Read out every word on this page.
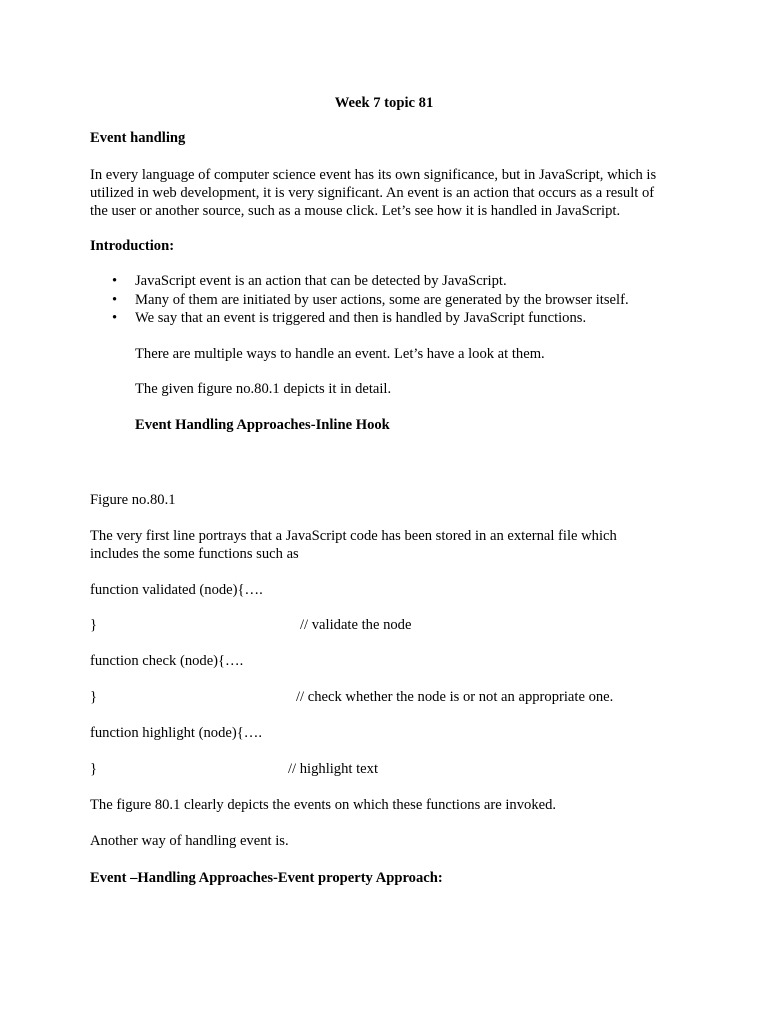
Week 7 topic 81

Event handling

In every language of computer science event has its own significance, but in JavaScript, which is

utilized in web development, it is very significant. An event is an action that occurs as a result of

the user or another source, such as a mouse click. Let’s see how it is handled in JavaScript.

Introduction:

• JavaScript event is an action that can be detected by JavaScript.
• Many of them are initiated by user actions, some are generated by the browser itself.
• We say that an event is triggered and then is handled by JavaScript functions.

There are multiple ways to handle an event. Let’s have a look at them.

The given figure no.80.1 depicts it in detail.

Event Handling Approaches-Inline Hook

Figure no.80.1

The very first line portrays that a JavaScript code has been stored in an external file which

includes the some functions such as

function validated (node){….

}	// validate the node

function check (node){….

}	// check whether the node is or not an appropriate one.

function highlight (node){….

}	// highlight text

The figure 80.1 clearly depicts the events on which these functions are invoked.

Another way of handling event is.

Event –Handling Approaches-Event property Approach:
